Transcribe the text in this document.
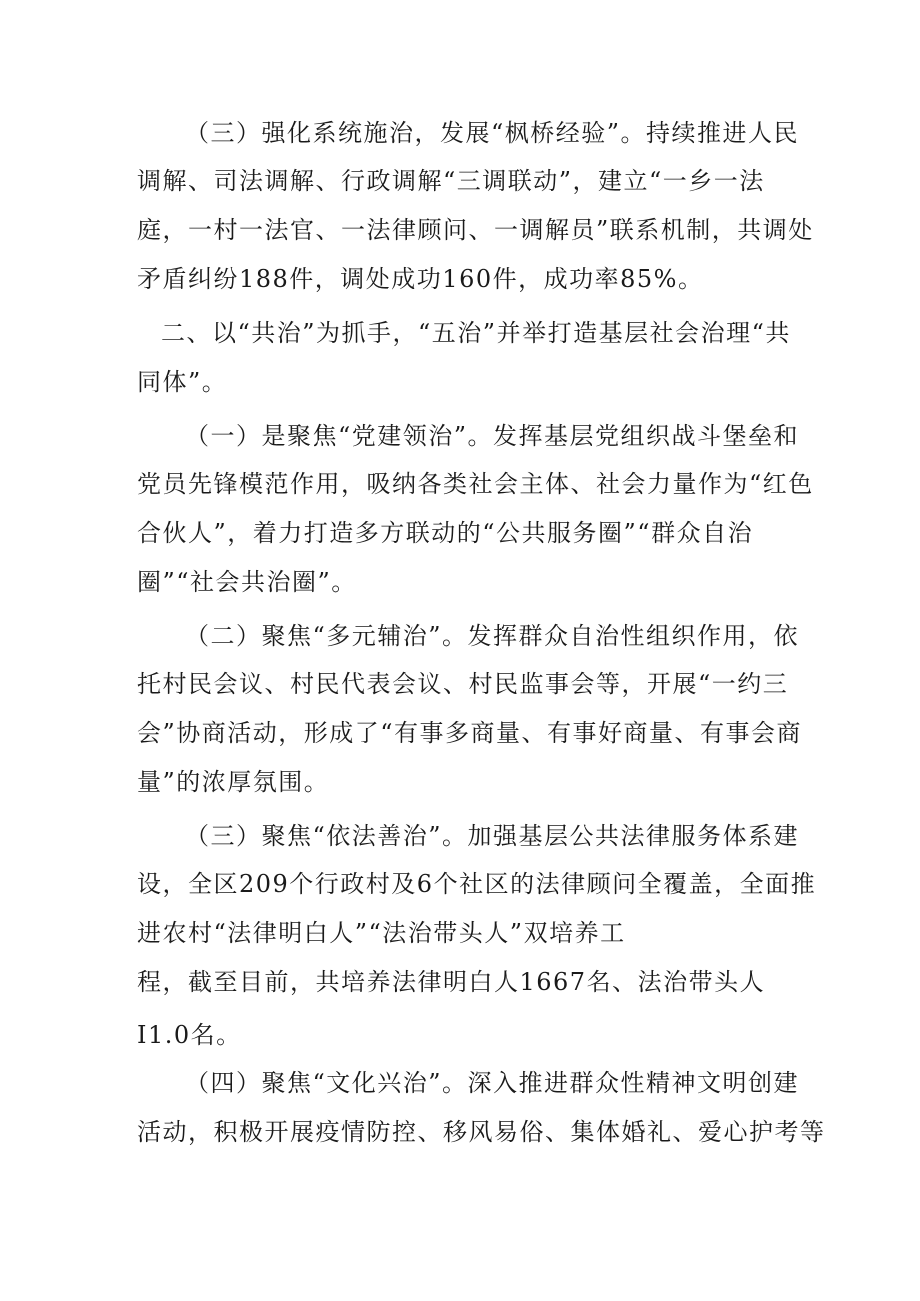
（三）强化系统施治，发展“枫桥经验”。持续推进人民
调解、司法调解、行政调解“三调联动”，建立“一乡一法
庭，一村一法官、一法律顾问、一调解员”联系机制，共调处
矛盾纠纷188件，调处成功160件，成功率85%。
二、以“共治”为抓手，“五治”并举打造基层社会治理“共
同体”。
（一）是聚焦“党建领治”。发挥基层党组织战斗堡垒和
党员先锋模范作用，吸纳各类社会主体、社会力量作为“红色
合伙人”，着力打造多方联动的“公共服务圈”“群众自治
圈”“社会共治圈”。
（二）聚焦“多元辅治”。发挥群众自治性组织作用，依
托村民会议、村民代表会议、村民监事会等，开展“一约三
会”协商活动，形成了“有事多商量、有事好商量、有事会商
量”的浓厚氛围。
（三）聚焦“依法善治”。加强基层公共法律服务体系建
设，全区209个行政村及6个社区的法律顾问全覆盖，全面推
进农村“法律明白人”“法治带头人”双培养工
程，截至目前，共培养法律明白人1667名、法治带头人
I1.0名。
（四）聚焦“文化兴治”。深入推进群众性精神文明创建
活动，积极开展疫情防控、移风易俗、集体婚礼、爱心护考等
